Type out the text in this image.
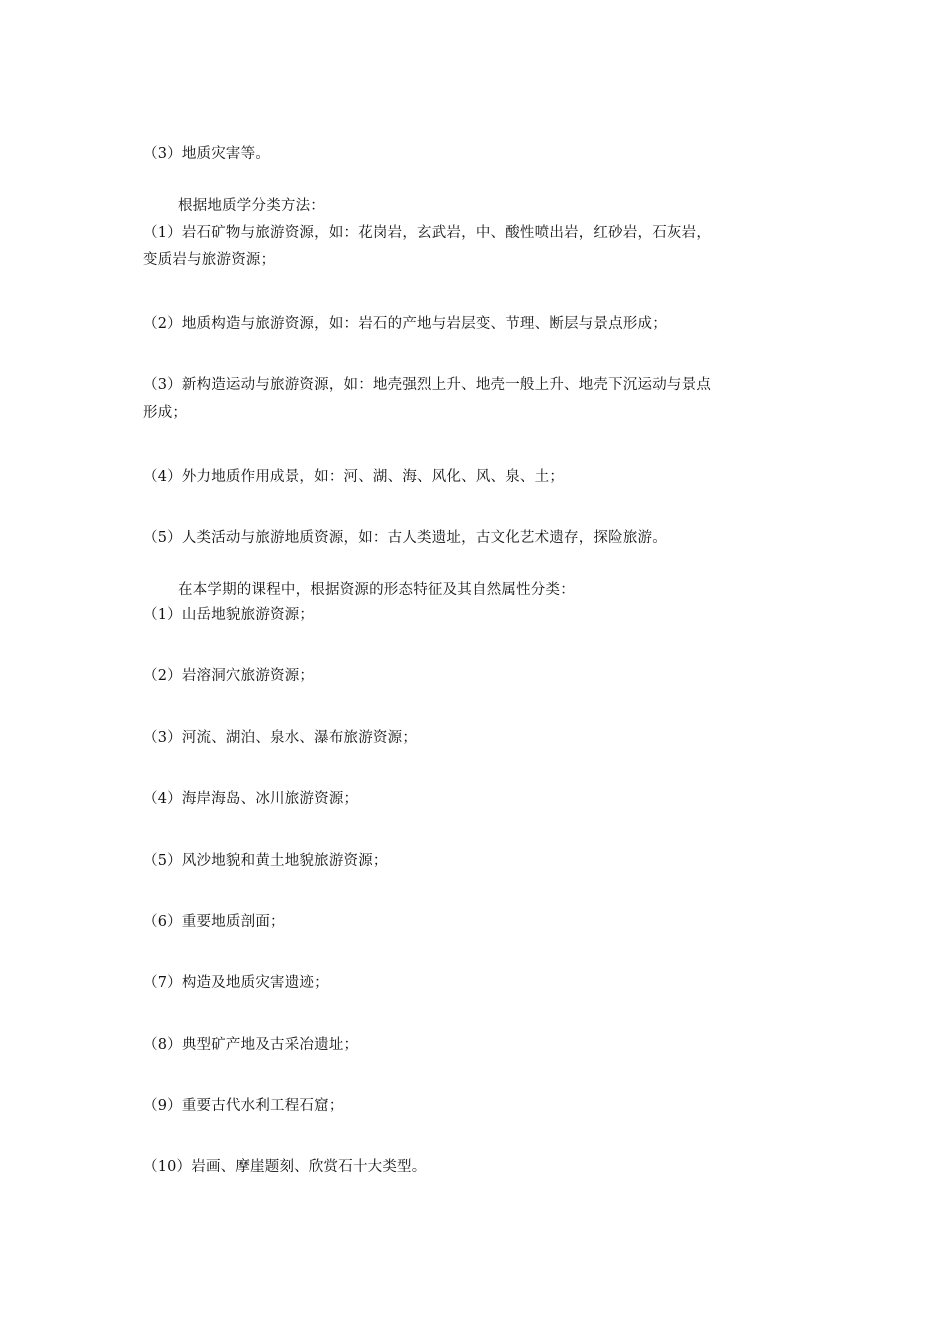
（3）地质灾害等。
根据地质学分类方法：
（1）岩石矿物与旅游资源，如：花岗岩，玄武岩，中、酸性喷出岩，红砂岩，石灰岩，
变质岩与旅游资源；
（2）地质构造与旅游资源，如：岩石的产地与岩层变、节理、断层与景点形成；
（3）新构造运动与旅游资源，如：地壳强烈上升、地壳一般上升、地壳下沉运动与景点
形成；
（4）外力地质作用成景，如：河、湖、海、风化、风、泉、土；
（5）人类活动与旅游地质资源，如：古人类遗址，古文化艺术遗存，探险旅游。
在本学期的课程中，根据资源的形态特征及其自然属性分类：
（1）山岳地貌旅游资源；
（2）岩溶洞穴旅游资源；
（3）河流、湖泊、泉水、瀑布旅游资源；
（4）海岸海岛、冰川旅游资源；
（5）风沙地貌和黄土地貌旅游资源；
（6）重要地质剖面；
（7）构造及地质灾害遗迹；
（8）典型矿产地及古采冶遗址；
（9）重要古代水利工程石窟；
（10）岩画、摩崖题刻、欣赏石十大类型。
